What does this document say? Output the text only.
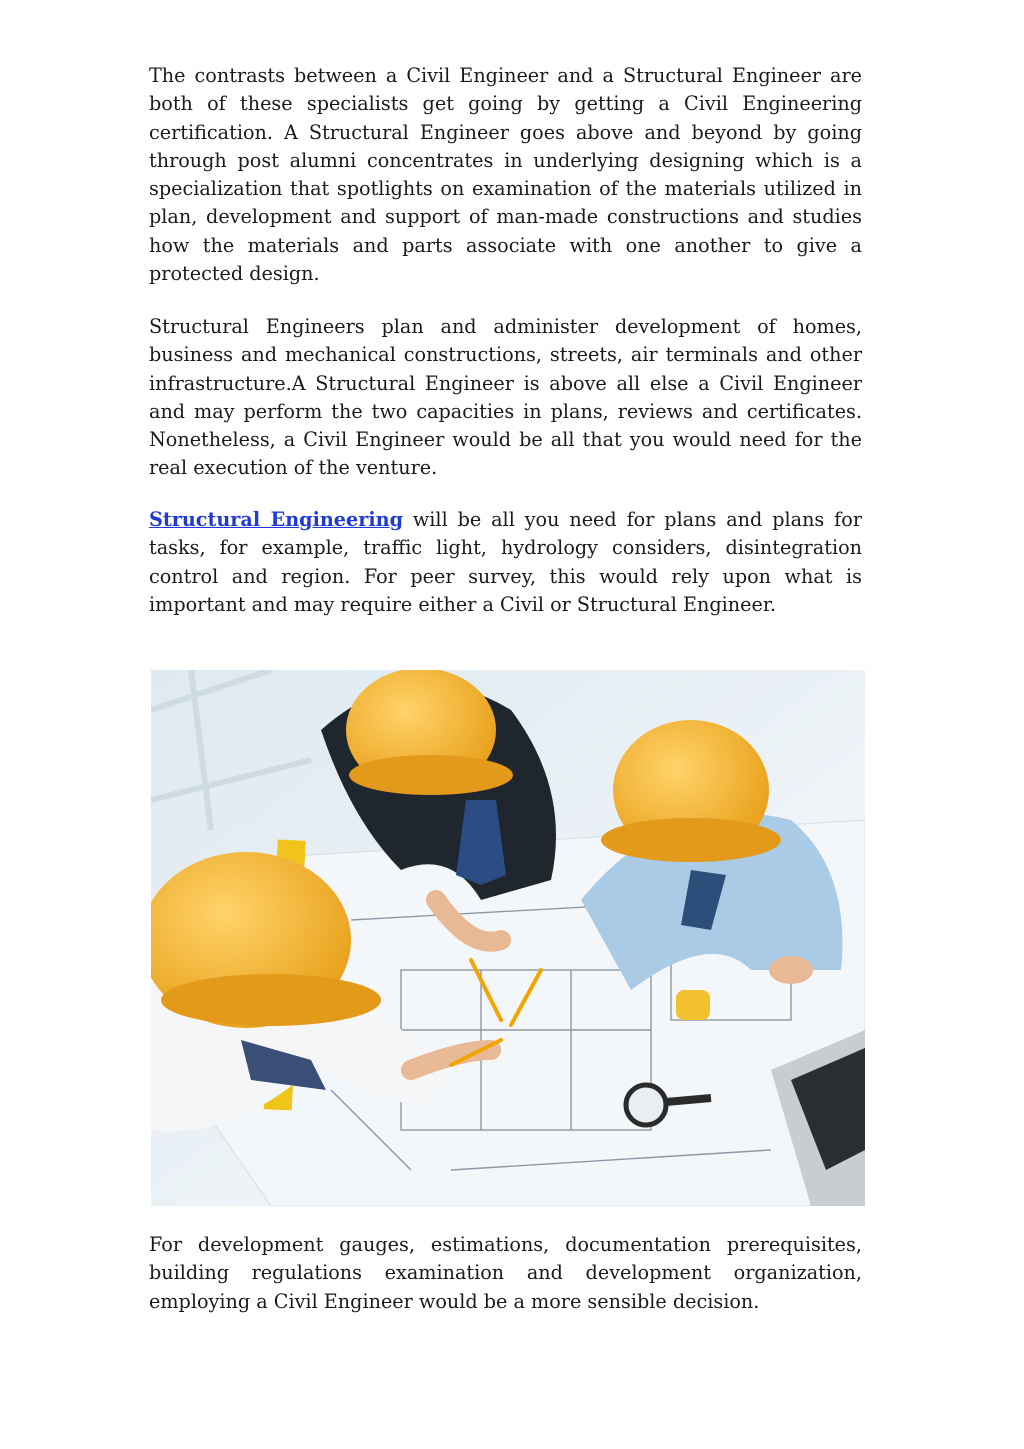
The contrasts between a Civil Engineer and a Structural Engineer are both of these specialists get going by getting a Civil Engineering certification. A Structural Engineer goes above and beyond by going through post alumni concentrates in underlying designing which is a specialization that spotlights on examination of the materials utilized in plan, development and support of man-made constructions and studies how the materials and parts associate with one another to give a protected design.

Structural Engineers plan and administer development of homes, business and mechanical constructions, streets, air terminals and other infrastructure.A Structural Engineer is above all else a Civil Engineer and may perform the two capacities in plans, reviews and certificates. Nonetheless, a Civil Engineer would be all that you would need for the real execution of the venture.

Structural Engineering will be all you need for plans and plans for tasks, for example, traffic light, hydrology considers, disintegration control and region. For peer survey, this would rely upon what is important and may require either a Civil or Structural Engineer.

For development gauges, estimations, documentation prerequisites, building regulations examination and development organization, employing a Civil Engineer would be a more sensible decision.
